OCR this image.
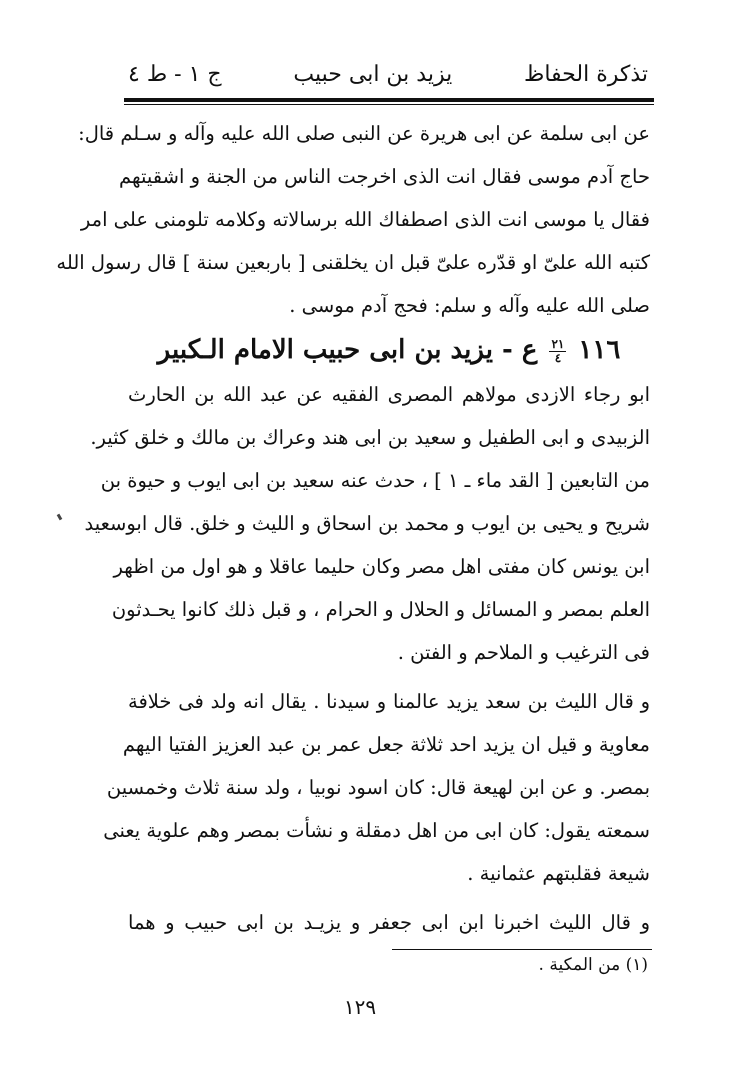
تذكرة الحفاظ
يزيد بن ابى حبيب
ج ١ - ط ٤
عن ابى سلمة عن ابى هريرة عن النبى صلى الله عليه وآله و سـلم قال:
حاج آدم موسى فقال انت الذى اخرجت الناس من الجنة و اشقيتهم
فقال يا موسى انت الذى اصطفاك الله برسالاته وكلامه تلومنى على امر
كتبه الله علىّ او قدّره علىّ قبل ان يخلقنى [ باربعين سنة ] قال رسول الله
صلى الله عليه وآله و سلم: فحج آدم موسى .
١١٦
$\frac{٢١}{٤}$
ع - يزيد بن ابى حبيب الامام الـكبير
ابو رجاء الازدى مولاهم المصرى الفقيه عن عبد الله بن الحارث
الزبيدى و ابى الطفيل و سعيد بن ابى هند وعراك بن مالك و خلق كثير.
من التابعين [ القد ماء ـ ١ ] ، حدث عنه سعيد بن ابى ايوب و حيوة بن
شريح و يحيى بن ايوب و محمد بن اسحاق و الليث و خلق. قال ابوسعيد
ابن يونس كان مفتى اهل مصر وكان حليما عاقلا و هو اول من اظهر
العلم بمصر و المسائل و الحلال و الحرام ، و قبل ذلك كانوا يحـدثون
فى الترغيب و الملاحم و الفتن .
و قال الليث بن سعد يزيد عالمنا و سيدنا . يقال انه ولد فى خلافة
معاوية و قيل ان يزيد احد ثلاثة جعل عمر بن عبد العزيز الفتيا اليهم
بمصر. و عن ابن لهيعة قال: كان اسود نوبيا ، ولد سنة ثلاث وخمسين
سمعته يقول: كان ابى من اهل دمقلة و نشأت بمصر وهم علوية يعنى
شيعة فقلبتهم عثمانية .
و قال الليث اخبرنا ابن ابى جعفر و يزيـد بن ابى حبيب و هما
(١) من المكية .
١٢٩
